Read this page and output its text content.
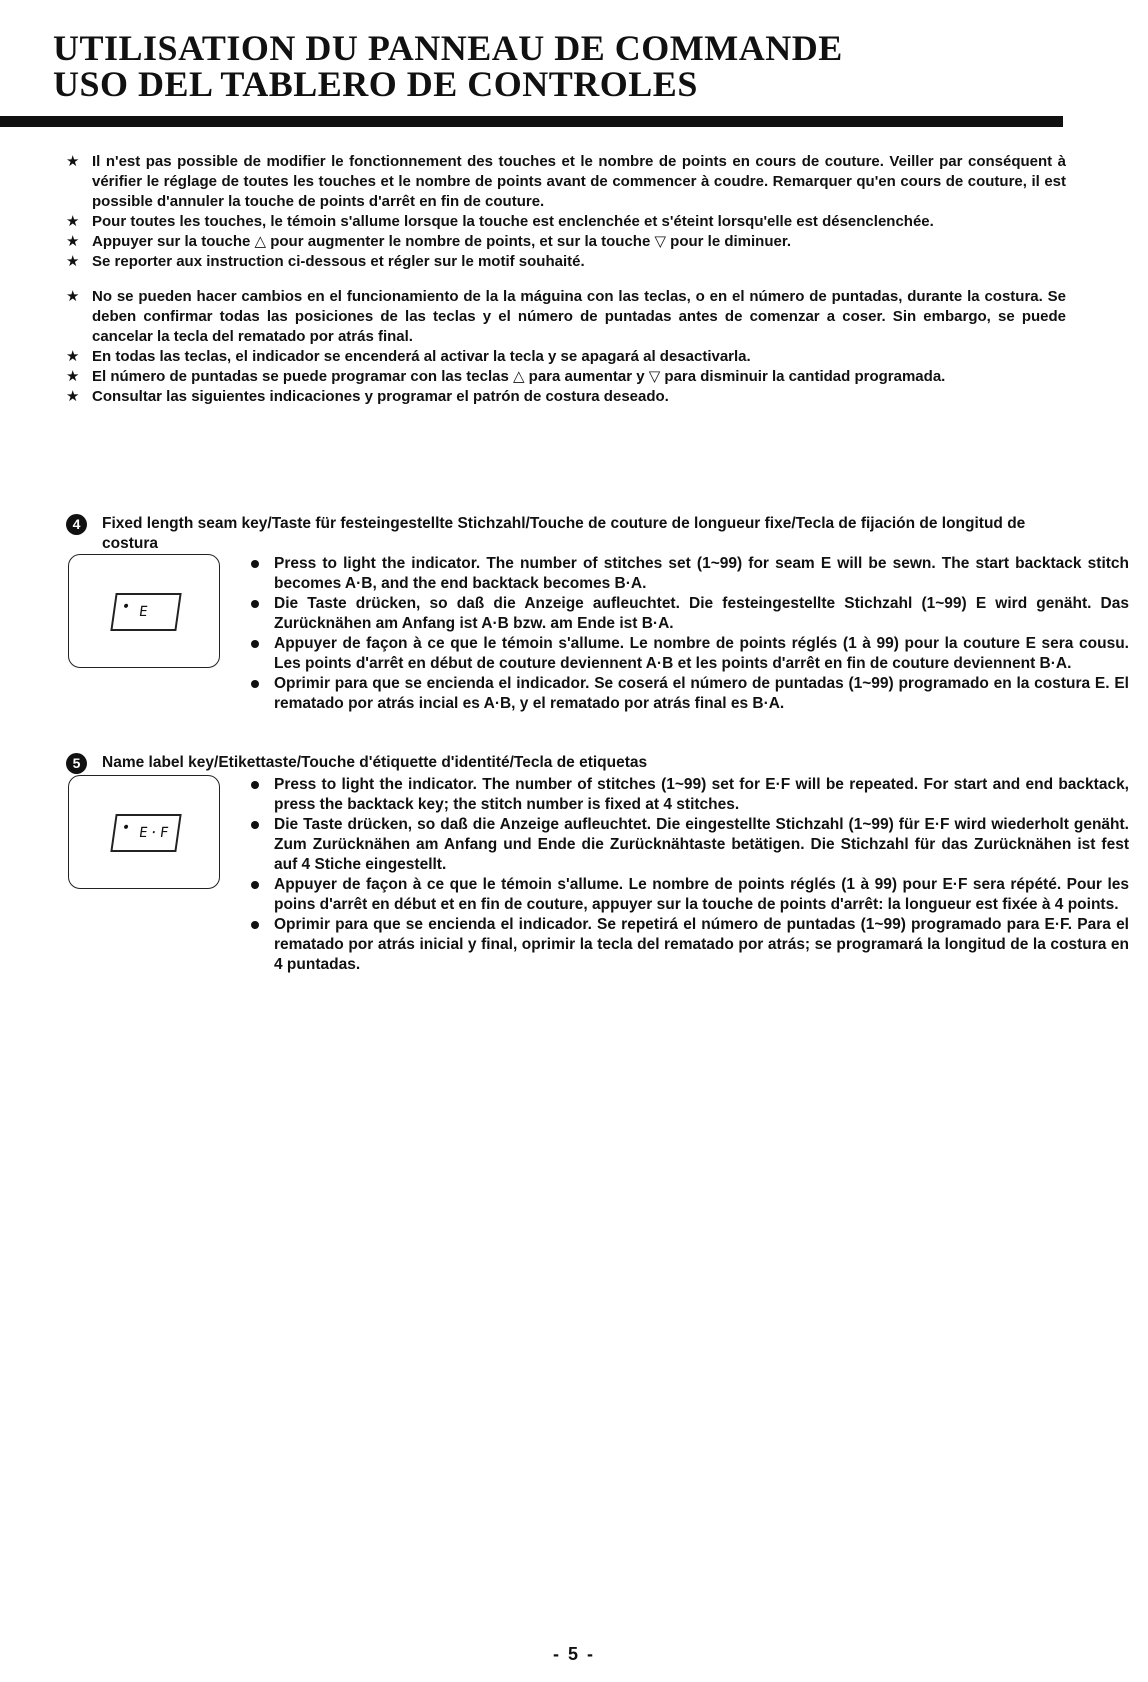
UTILISATION DU PANNEAU DE COMMANDE
USO DEL TABLERO DE CONTROLES
★ Il n'est pas possible de modifier le fonctionnement des touches et le nombre de points en cours de couture. Veiller par conséquent à vérifier le réglage de toutes les touches et le nombre de points avant de commencer à coudre. Remarquer qu'en cours de couture, il est possible d'annuler la touche de points d'arrêt en fin de couture.
★ Pour toutes les touches, le témoin s'allume lorsque la touche est enclenchée et s'éteint lorsqu'elle est désenclenchée.
★ Appuyer sur la touche △ pour augmenter le nombre de points, et sur la touche ▽ pour le diminuer.
★ Se reporter aux instruction ci-dessous et régler sur le motif souhaité.
★ No se pueden hacer cambios en el funcionamiento de la la máguina con las teclas, o en el número de puntadas, durante la costura. Se deben confirmar todas las posiciones de las teclas y el número de puntadas antes de comenzar a coser. Sin embargo, se puede cancelar la tecla del rematado por atrás final.
★ En todas las teclas, el indicador se encenderá al activar la tecla y se apagará al desactivarla.
★ El número de puntadas se puede programar con las teclas △ para aumentar y ▽ para disminuir la cantidad programada.
★ Consultar las siguientes indicaciones y programar el patrón de costura deseado.
4	Fixed length seam key/Taste für festeingestellte Stichzahl/Touche de couture de longueur fixe/Tecla de fijación de longitud de costura
• E
Press to light the indicator. The number of stitches set (1~99) for seam E will be sewn. The start backtack stitch becomes A·B, and the end backtack becomes B·A.
Die Taste drücken, so daß die Anzeige aufleuchtet. Die festeingestellte Stichzahl (1~99) E wird genäht. Das Zurücknähen am Anfang ist A·B bzw. am Ende ist B·A.
Appuyer de façon à ce que le témoin s'allume. Le nombre de points réglés (1 à 99) pour la couture E sera cousu. Les points d'arrêt en début de couture deviennent A·B et les points d'arrêt en fin de couture deviennent B·A.
Oprimir para que se encienda el indicador. Se coserá el número de puntadas (1~99) programado en la costura E. El rematado por atrás incial es A·B, y el rematado por atrás final es B·A.
5	Name label key/Etikettaste/Touche d'étiquette d'identité/Tecla de etiquetas
• E·F
Press to light the indicator. The number of stitches (1~99) set for E·F will be repeated. For start and end backtack, press the backtack key; the stitch number is fixed at 4 stitches.
Die Taste drücken, so daß die Anzeige aufleuchtet. Die eingestellte Stichzahl (1~99) für E·F wird wiederholt genäht. Zum Zurücknähen am Anfang und Ende die Zurücknähtaste betätigen. Die Stichzahl für das Zurücknähen ist fest auf 4 Stiche eingestellt.
Appuyer de façon à ce que le témoin s'allume. Le nombre de points réglés (1 à 99) pour E·F sera répété. Pour les poins d'arrêt en début et en fin de couture, appuyer sur la touche de points d'arrêt: la longueur est fixée à 4 points.
Oprimir para que se encienda el indicador. Se repetirá el número de puntadas (1~99) programado para E·F. Para el rematado por atrás inicial y final, oprimir la tecla del rematado por atrás; se programará la longitud de la costura en 4 puntadas.
- 5 -
